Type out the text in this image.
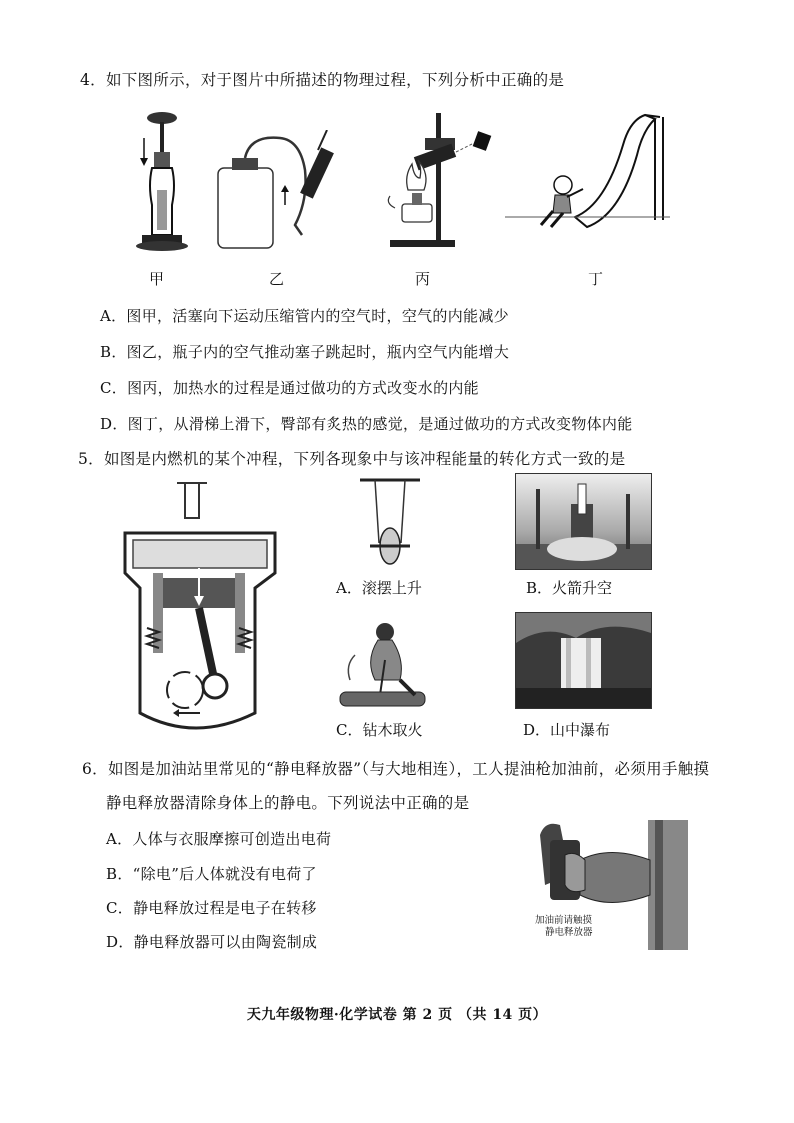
4．如下图所示，对于图片中所描述的物理过程，下列分析中正确的是
甲	乙	丙	丁
A．图甲，活塞向下运动压缩管内的空气时，空气的内能减少
B．图乙，瓶子内的空气推动塞子跳起时，瓶内空气内能增大
C．图丙，加热水的过程是通过做功的方式改变水的内能
D．图丁，从滑梯上滑下，臀部有炙热的感觉，是通过做功的方式改变物体内能
5．如图是内燃机的某个冲程，下列各现象中与该冲程能量的转化方式一致的是
A．滚摆上升	B．火箭升空
C．钻木取火	D．山中瀑布
6．如图是加油站里常见的“静电释放器”（与大地相连），工人提油枪加油前，必须用手触摸
静电释放器清除身体上的静电。下列说法中正确的是
A．人体与衣服摩擦可创造出电荷
B．“除电”后人体就没有电荷了
C．静电释放过程是电子在转移
D．静电释放器可以由陶瓷制成
加油前请触摸
静电释放器
天九年级物理·化学试卷 第 2 页 （共 14 页）
